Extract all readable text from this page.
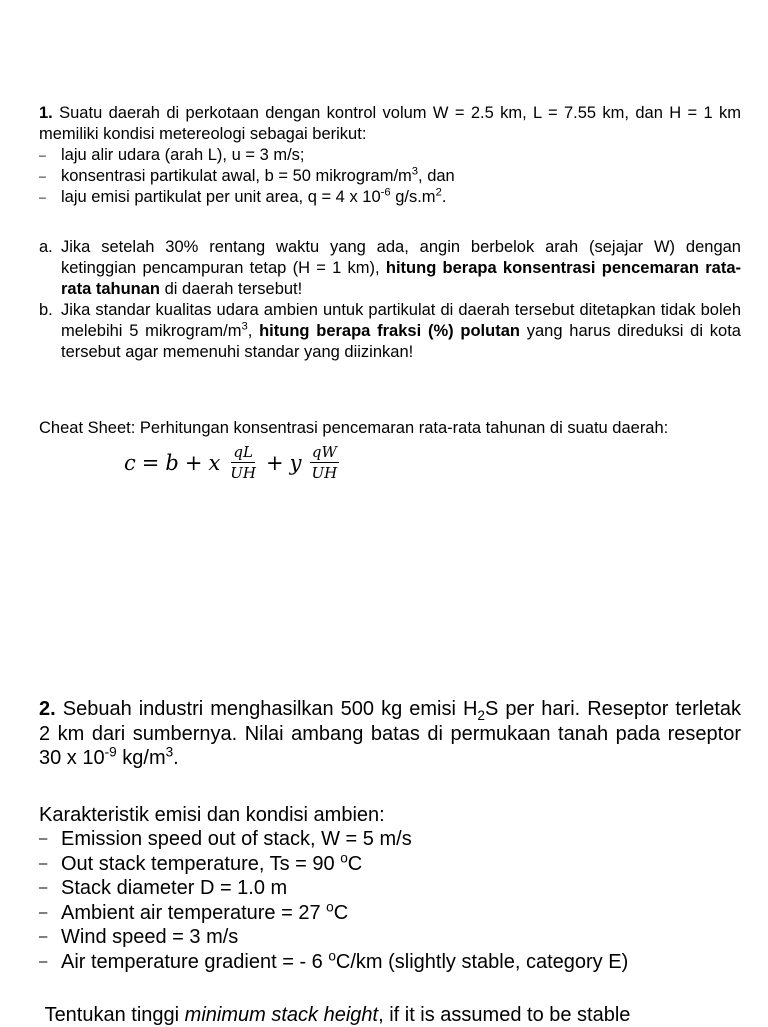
1. Suatu daerah di perkotaan dengan kontrol volum W = 2.5 km, L = 7.55 km, dan H = 1 km memiliki kondisi metereologi sebagai berikut:

– laju alir udara (arah L), u = 3 m/s;
– konsentrasi partikulat awal, b = 50 mikrogram/$m^3$, dan
– laju emisi partikulat per unit area, q = 4 x $10^{-6}$ $g/s.m^2$.
a. Jika setelah 30% rentang waktu yang ada, angin berbelok arah (sejajar W) dengan ketinggian pencampuran tetap (H = 1 km), hitung berapa konsentrasi pencemaran rata-rata tahunan di daerah tersebut!
b. Jika standar kualitas udara ambien untuk partikulat di daerah tersebut ditetapkan tidak boleh melebihi 5 mikrogram/$m^3$, hitung berapa fraksi (%) polutan yang harus direduksi di kota tersebut agar memenuhi standar yang diizinkan!

Cheat Sheet: Perhitungan konsentrasi pencemaran rata-rata tahunan di suatu daerah:

c = b + x $\frac{qL}{UH} + y \frac{qW}{UH}$

2. Sebuah industri menghasilkan 500 kg emisi $H_2S$ per hari. Reseptor terletak 2 km dari sumbernya. Nilai ambang batas di permukaan tanah pada reseptor 30 x $10^{-9}$ $kg/m^3$.

Karakteristik emisi dan kondisi ambien:

– Emission speed out of stack, W = 5 m/s
– Out stack temperature, Ts = 90 $^o$C
– Stack diameter D = 1.0 m
– Ambient air temperature = 27 $^o$C
– Wind speed = 3 m/s
– Air temperature gradient = - 6 $^o$C/km (slightly stable, category E)

Tentukan tinggi minimum stack height, if it is assumed to be stable
